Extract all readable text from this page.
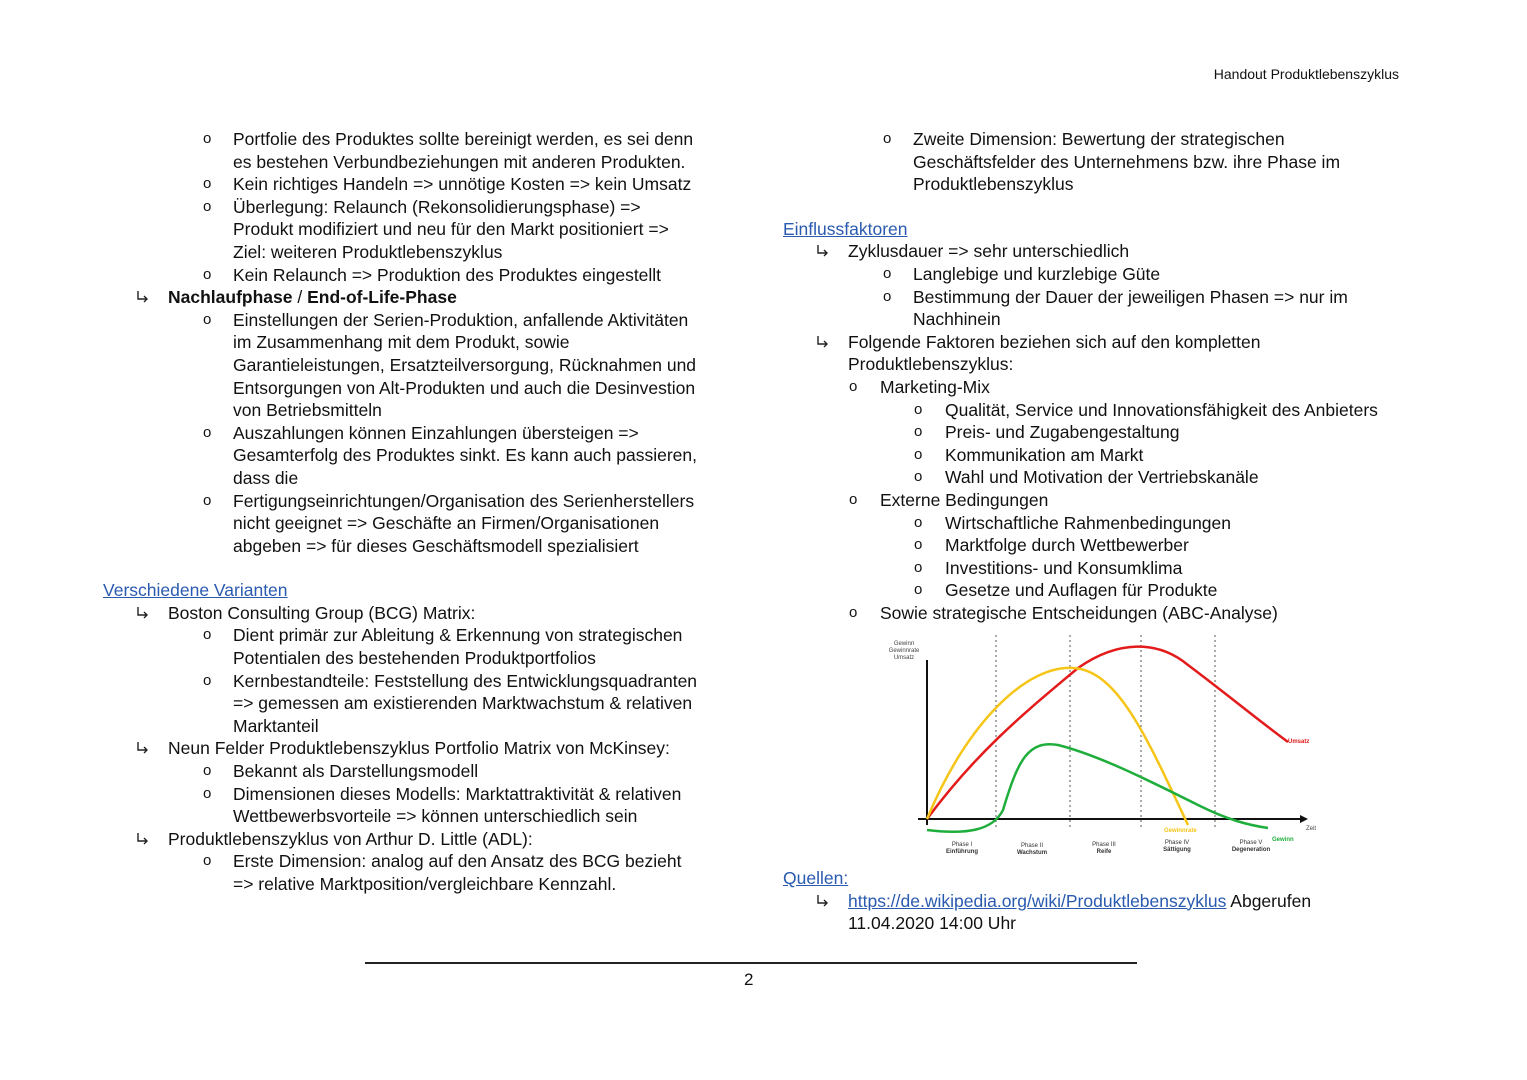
Handout Produktlebenszyklus
o Portfolie des Produktes sollte bereinigt werden, es sei denn
es bestehen Verbundbeziehungen mit anderen Produkten.
o Kein richtiges Handeln => unnötige Kosten => kein Umsatz
o Überlegung: Relaunch (Rekonsolidierungsphase) =>
Produkt modifiziert und neu für den Markt positioniert =>
Ziel: weiteren Produktlebenszyklus
o Kein Relaunch => Produktion des Produktes eingestellt
Nachlaufphase / End-of-Life-Phase
o Einstellungen der Serien-Produktion, anfallende Aktivitäten
im Zusammenhang mit dem Produkt, sowie
Garantieleistungen, Ersatzteilversorgung, Rücknahmen und
Entsorgungen von Alt-Produkten und auch die Desinvestion
von Betriebsmitteln
o Auszahlungen können Einzahlungen übersteigen =>
Gesamterfolg des Produktes sinkt. Es kann auch passieren,
dass die
o Fertigungseinrichtungen/Organisation des Serienherstellers
nicht geeignet => Geschäfte an Firmen/Organisationen
abgeben => für dieses Geschäftsmodell spezialisiert
Verschiedene Varianten
Boston Consulting Group (BCG) Matrix:
o Dient primär zur Ableitung & Erkennung von strategischen
Potentialen des bestehenden Produktportfolios
o Kernbestandteile: Feststellung des Entwicklungsquadranten
=> gemessen am existierenden Marktwachstum & relativen
Marktanteil
Neun Felder Produktlebenszyklus Portfolio Matrix von McKinsey:
o Bekannt als Darstellungsmodell
o Dimensionen dieses Modells: Marktattraktivität & relativen
Wettbewerbsvorteile => können unterschiedlich sein
Produktlebenszyklus von Arthur D. Little (ADL):
o Erste Dimension: analog auf den Ansatz des BCG bezieht
=> relative Marktposition/vergleichbare Kennzahl.
o Zweite Dimension: Bewertung der strategischen
Geschäftsfelder des Unternehmens bzw. ihre Phase im
Produktlebenszyklus
Einflussfaktoren
Zyklusdauer => sehr unterschiedlich
o Langlebige und kurzlebige Güte
o Bestimmung der Dauer der jeweiligen Phasen => nur im
Nachhinein
Folgende Faktoren beziehen sich auf den kompletten
Produktlebenszyklus:
o Marketing-Mix
o Qualität, Service und Innovationsfähigkeit des Anbieters
o Preis- und Zugabengestaltung
o Kommunikation am Markt
o Wahl und Motivation der Vertriebskanäle
o Externe Bedingungen
o Wirtschaftliche Rahmenbedingungen
o Marktfolge durch Wettbewerber
o Investitions- und Konsumklima
o Gesetze und Auflagen für Produkte
o Sowie strategische Entscheidungen (ABC-Analyse)
Gewinn
Gewinnrate
Umsatz
Zeit
Umsatz
Gewinnrate
Gewinn
Phase I
Einführung
Phase II
Wachstum
Phase III
Reife
Phase IV
Sättigung
Phase V
Degeneration
Quellen:
https://de.wikipedia.org/wiki/Produktlebenszyklus Abgerufen
11.04.2020 14:00 Uhr
2
